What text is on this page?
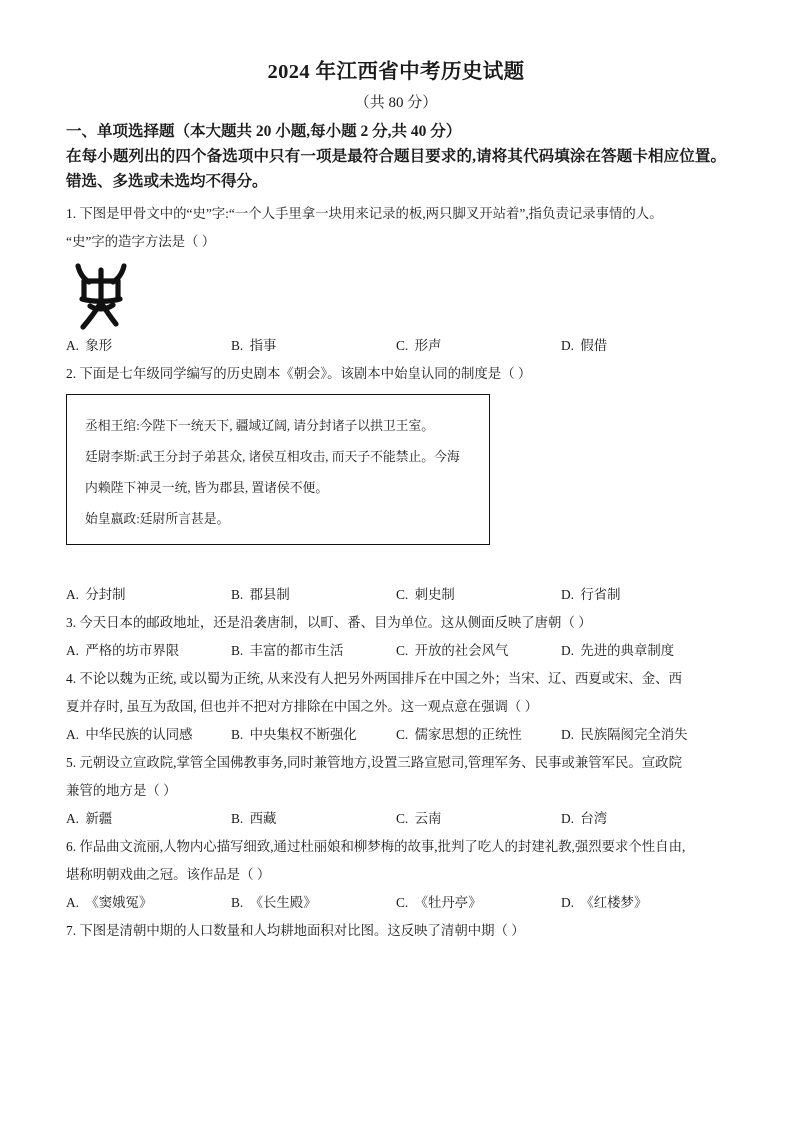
2024 年江西省中考历史试题
（共 80 分）
一、单项选择题（本大题共 20 小题,每小题 2 分,共 40 分）
在每小题列出的四个备选项中只有一项是最符合题目要求的,请将其代码填涂在答题卡相应位置。错选、多选或未选均不得分。

1. 下图是甲骨文中的“史”字:“一个人手里拿一块用来记录的板,两只脚叉开站着”,指负责记录事情的人。

“史”字的造字方法是（ ）

A. 象形	B. 指事	C. 形声	D. 假借

2. 下面是七年级同学编写的历史剧本《朝会》。该剧本中始皇认同的制度是（ ）

丞相王绾:今陛下一统天下, 疆域辽阔, 请分封诸子以拱卫王室。

廷尉李斯:武王分封子弟甚众, 诸侯互相攻击, 而天子不能禁止。今海

内赖陛下神灵一统, 皆为郡县, 置诸侯不便。

始皇嬴政:廷尉所言甚是。

A. 分封制	B. 郡县制	C. 刺史制	D. 行省制

3. 今天日本的邮政地址，还是沿袭唐制，以町、番、目为单位。这从侧面反映了唐朝（ ）

A. 严格的坊市界限	B. 丰富的都市生活	C. 开放的社会风气	D. 先进的典章制度

4. 不论以魏为正统, 或以蜀为正统, 从来没有人把另外两国排斥在中国之外；当宋、辽、西夏或宋、金、西

夏并存时, 虽互为敌国, 但也并不把对方排除在中国之外。这一观点意在强调（ ）

A. 中华民族的认同感	B. 中央集权不断强化	C. 儒家思想的正统性	D. 民族隔阂完全消失

5. 元朝设立宣政院,掌管全国佛教事务,同时兼管地方,设置三路宣慰司,管理军务、民事或兼管军民。宣政院

兼管的地方是（ ）

A. 新疆	B. 西藏	C. 云南	D. 台湾

6. 作品曲文流丽,人物内心描写细致,通过杜丽娘和柳梦梅的故事,批判了吃人的封建礼教,强烈要求个性自由,

堪称明朝戏曲之冠。该作品是（ ）

A. 《窦娥冤》	B. 《长生殿》	C. 《牡丹亭》	D. 《红楼梦》

7. 下图是清朝中期的人口数量和人均耕地面积对比图。这反映了清朝中期（ ）
